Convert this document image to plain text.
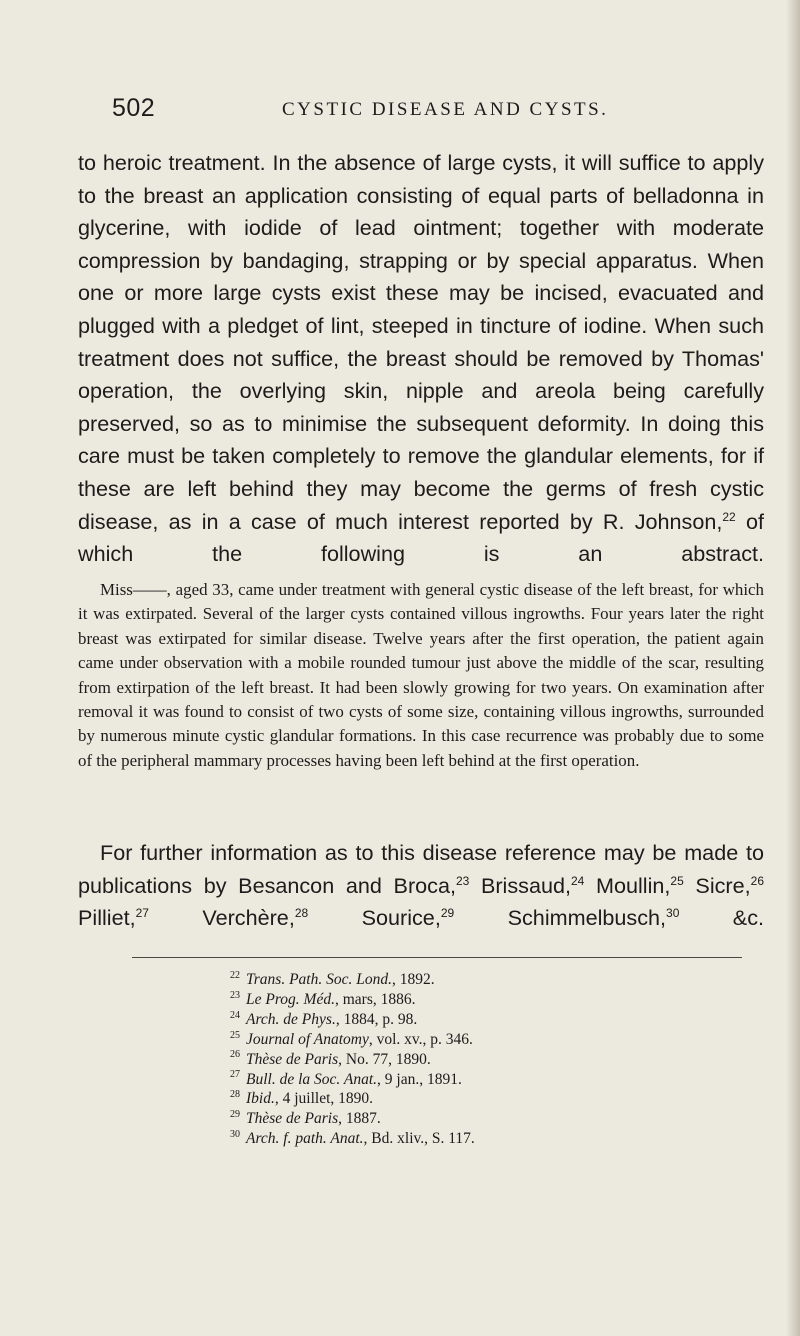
502	CYSTIC DISEASE AND CYSTS.
to heroic treatment. In the absence of large cysts, it will suffice to apply to the breast an application consisting of equal parts of belladonna in glycerine, with iodide of lead ointment; together with moderate compression by bandaging, strapping or by special apparatus. When one or more large cysts exist these may be incised, evacuated and plugged with a pledget of lint, steeped in tincture of iodine. When such treatment does not suffice, the breast should be removed by Thomas' operation, the overlying skin, nipple and areola being carefully preserved, so as to minimise the subsequent deformity. In doing this care must be taken completely to remove the glandular elements, for if these are left behind they may become the germs of fresh cystic disease, as in a case of much interest reported by R. Johnson,$^{22}$ of which the following is an abstract.
Miss——, aged 33, came under treatment with general cystic disease of the left breast, for which it was extirpated. Several of the larger cysts contained villous ingrowths. Four years later the right breast was extirpated for similar disease. Twelve years after the first operation, the patient again came under observation with a mobile rounded tumour just above the middle of the scar, resulting from extirpation of the left breast. It had been slowly growing for two years. On examination after removal it was found to consist of two cysts of some size, containing villous ingrowths, surrounded by numerous minute cystic glandular formations. In this case recurrence was probably due to some of the peripheral mammary processes having been left behind at the first operation.
For further information as to this disease reference may be made to publications by Besancon and Broca,$^{23}$ Brissaud,$^{24}$ Moullin,$^{25}$ Sicre,$^{26}$ Pilliet,$^{27}$ Verchère,$^{28}$ Sourice,$^{29}$ Schimmelbusch,$^{30}$ &c.
$^{22}$ Trans. Path. Soc. Lond., 1892.
$^{23}$ Le Prog. Méd., mars, 1886.
$^{24}$ Arch. de Phys., 1884, p. 98.
$^{25}$ Journal of Anatomy, vol. xv., p. 346.
$^{26}$ Thèse de Paris, No. 77, 1890.
$^{27}$ Bull. de la Soc. Anat., 9 jan., 1891.
$^{28}$ Ibid., 4 juillet, 1890.
$^{29}$ Thèse de Paris, 1887.
$^{30}$ Arch. f. path. Anat., Bd. xliv., S. 117.
